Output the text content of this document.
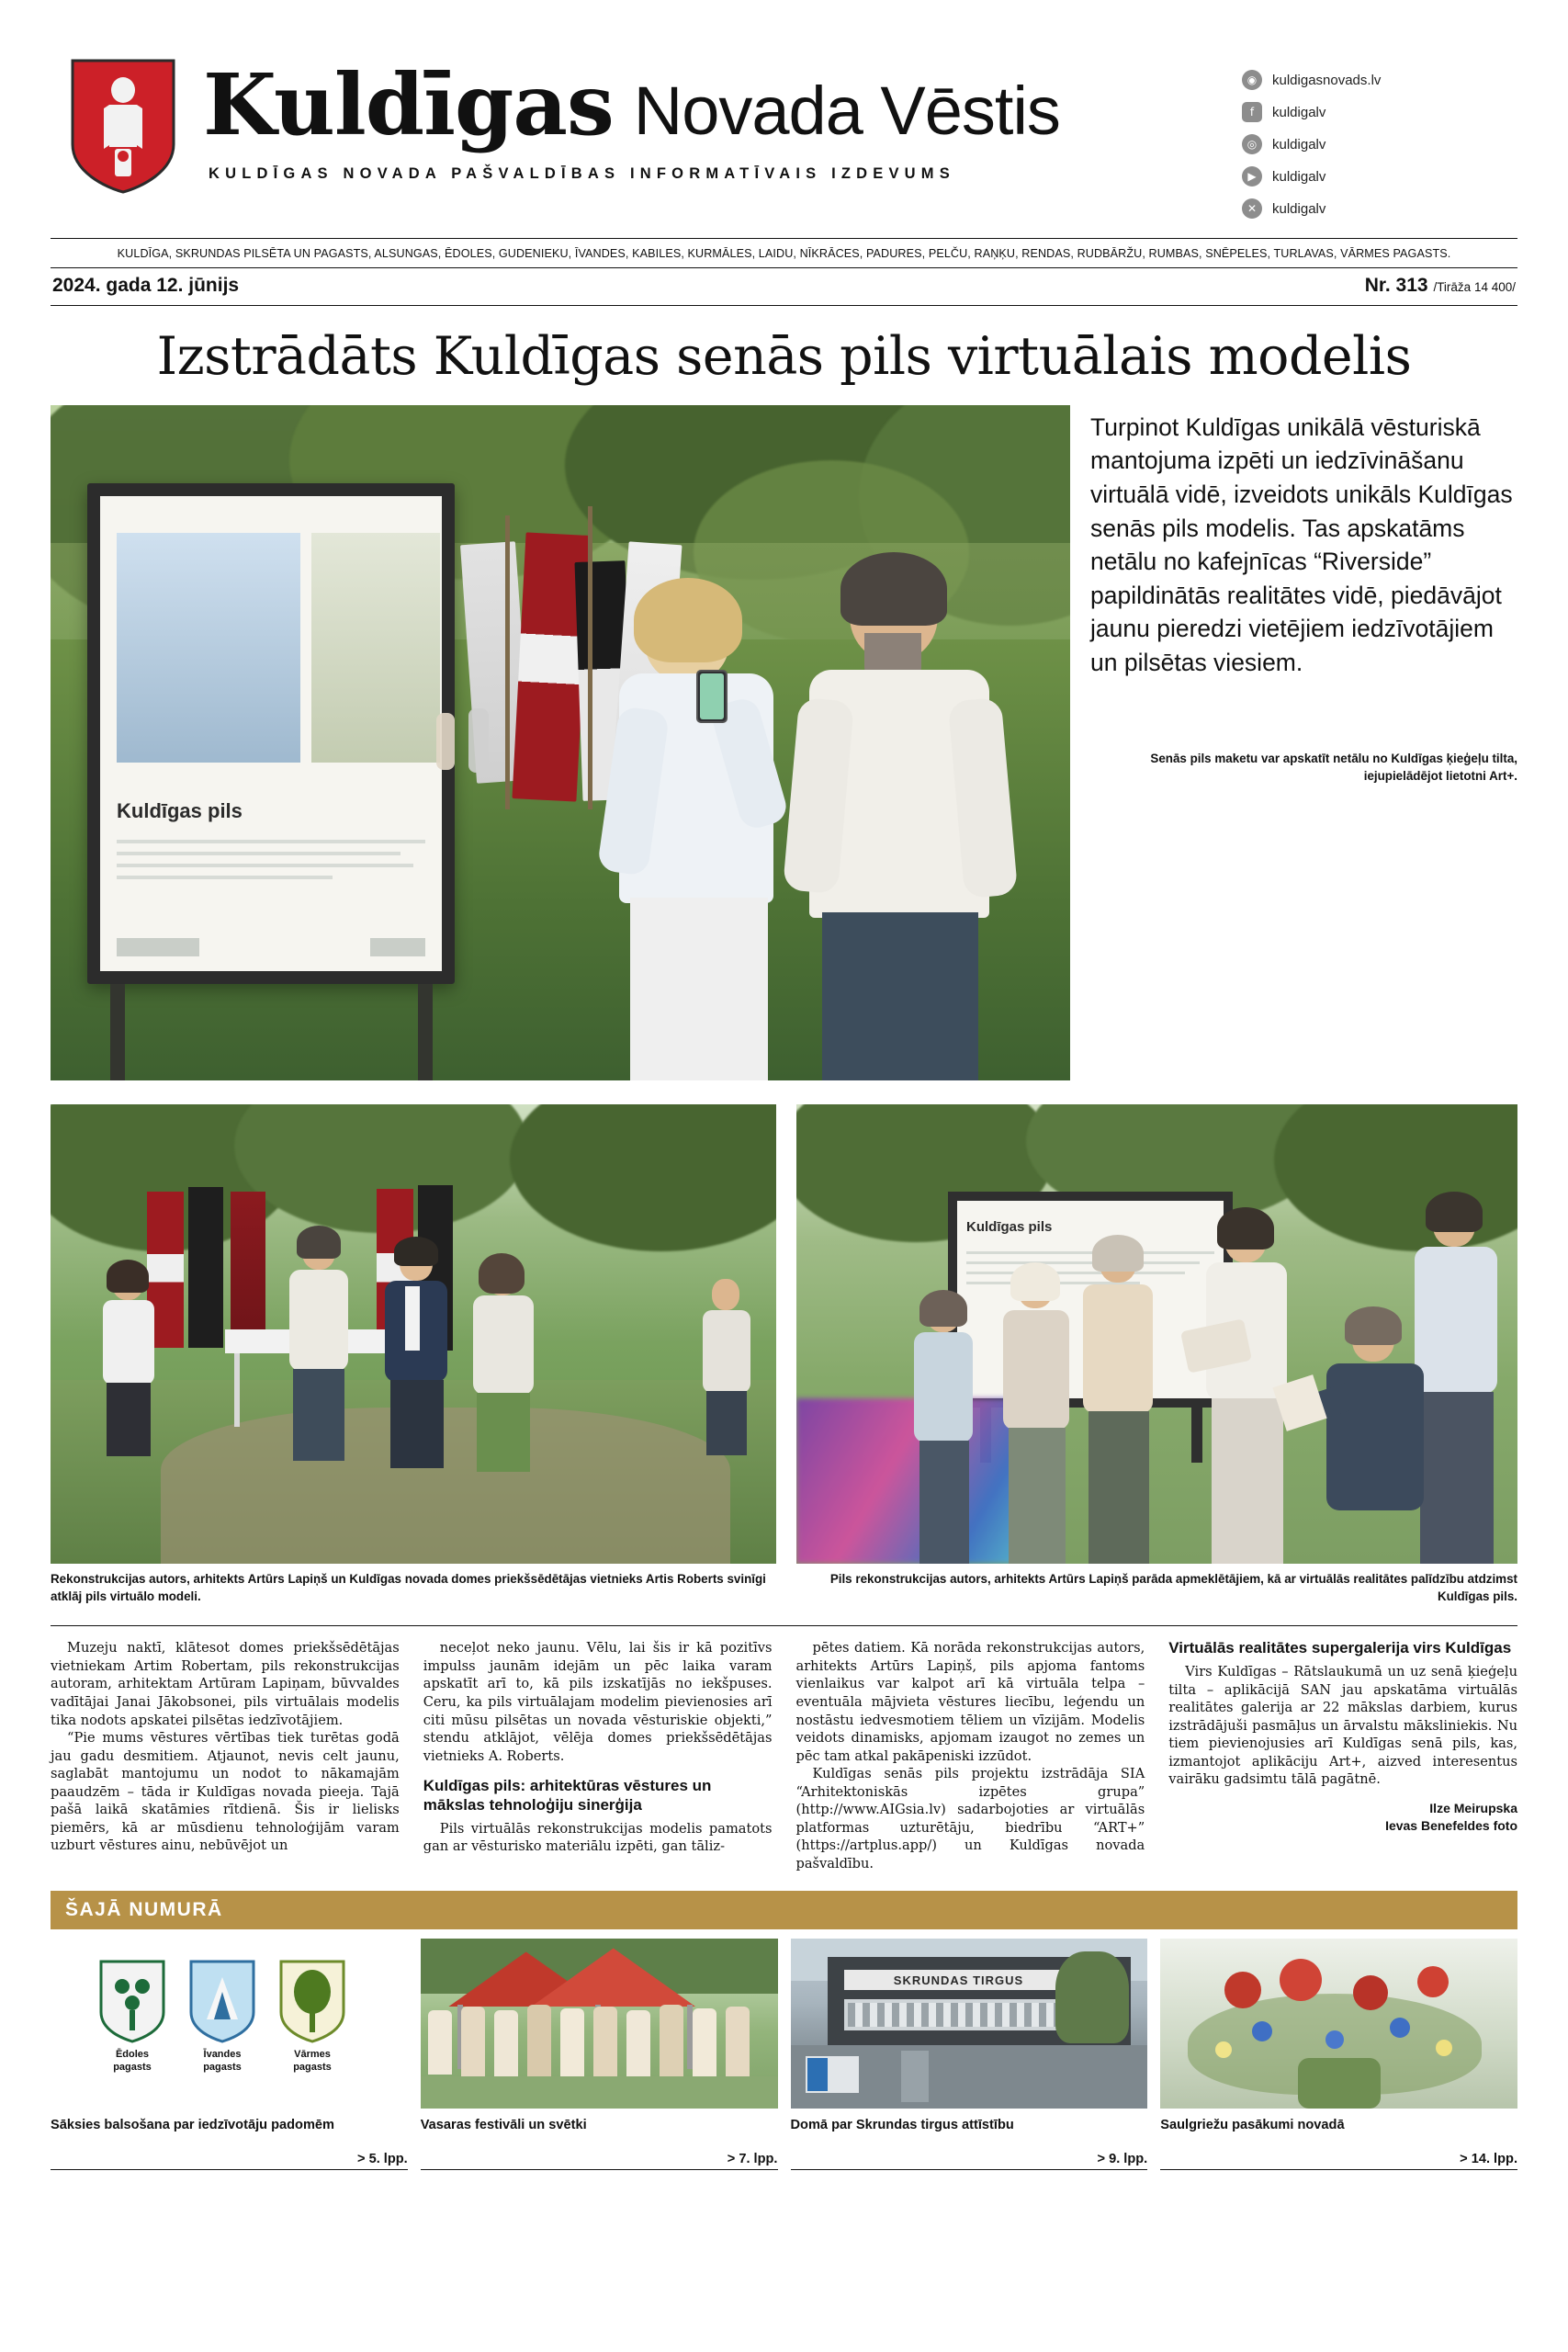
Kuldīgas Novada Vēstis
KULDĪGAS NOVADA PAŠVALDĪBAS INFORMATĪVAIS IZDEVUMS
◉	kuldigasnovads.lv
f	kuldigalv
◎	kuldigalv
▶	kuldigalv
✕	kuldigalv
KULDĪGA, SKRUNDAS PILSĒTA UN PAGASTS, ALSUNGAS, ĒDOLES, GUDENIEKU, ĪVANDES, KABILES, KURMĀLES, LAIDU, NĪKRĀCES, PADURES, PELČU, RAŅĶU, RENDAS, RUDBĀRŽU, RUMBAS, SNĒPELES, TURLAVAS, VĀRMES PAGASTS.
2024. gada 12. jūnijs	Nr. 313 /Tirāža 14 400/
Izstrādāts Kuldīgas senās pils virtuālais modelis
Kuldīgas pils
Turpinot Kuldīgas unikālā vēsturiskā mantojuma izpēti un iedzīvināšanu virtuālā vidē, izveidots unikāls Kuldīgas senās pils modelis. Tas apskatāms netālu no kafejnīcas “Riverside” papildinātās realitātes vidē, piedāvājot jaunu pieredzi vietējiem iedzīvotājiem un pilsētas viesiem.
Senās pils maketu var apskatīt netālu no Kuldīgas ķieģeļu tilta, iejupielādējot lietotni Art+.
Rekonstrukcijas autors, arhitekts Artūrs Lapiņš un Kuldīgas novada domes priekšsēdētājas vietnieks Artis Roberts svinīgi atklāj pils virtuālo modeli.
Kuldīgas pils
Pils rekonstrukcijas autors, arhitekts Artūrs Lapiņš parāda apmeklētājiem, kā ar virtuālās realitātes palīdzību atdzimst Kuldīgas pils.

Muzeju naktī, klātesot domes priekšsēdētājas vietniekam Artim Robertam, pils rekonstrukcijas autoram, arhitektam Artūram Lapiņam, būvvaldes vadītājai Janai Jākobsonei, pils virtuālais modelis tika nodots apskatei pilsētas iedzīvotājiem.

“Pie mums vēstures vērtības tiek turētas godā jau gadu desmitiem. Atjaunot, nevis celt jaunu, saglabāt mantojumu un nodot to nākamajām paaudzēm – tāda ir Kuldīgas novada pieeja. Tajā pašā laikā skatāmies rītdienā. Šis ir lielisks piemērs, kā ar mūsdienu tehnoloģijām varam uzburt vēstures ainu, nebūvējot un

neceļot neko jaunu. Vēlu, lai šis ir kā pozitīvs impulss jaunām idejām un pēc laika varam apskatīt arī to, kā pils izskatījās no iekšpuses. Ceru, ka pils virtuālajam modelim pievienosies arī citi mūsu pilsētas un novada vēsturiskie objekti,” stendu atklājot, vēlēja domes priekšsēdētājas vietnieks A. Roberts.

Kuldīgas pils: arhitektūras vēstures un mākslas tehnoloģiju sinerģija

Pils virtuālās rekonstrukcijas modelis pamatots gan ar vēsturisko materiālu izpēti, gan tāliz-

pētes datiem. Kā norāda rekonstrukcijas autors, arhitekts Artūrs Lapiņš, pils apjoma fantoms vienlaikus var kalpot arī kā virtuāla telpa – eventuāla mājvieta vēstures liecību, leģendu un nostāstu iedvesmotiem tēliem un vīzijām. Modelis veidots dinamisks, apjomam izaugot no zemes un pēc tam atkal pakāpeniski izzūdot.

Kuldīgas senās pils projektu izstrādāja SIA “Arhitektoniskās izpētes grupa” (http://www.AIGsia.lv) sadarbojoties ar virtuālās platformas uzturētāju, biedrību “ART+” (https://artplus.app/) un Kuldīgas novada pašvaldību.

Virtuālās realitātes supergalerija virs Kuldīgas

Virs Kuldīgas – Rātslaukumā un uz senā ķieģeļu tilta – aplikācijā SAN jau apskatāma virtuālās realitātes galerija ar 22 mākslas darbiem, kurus izstrādājuši pasmāļus un ārvalstu māksliniekis. Nu tiem pievienojusies arī Kuldīgas senā pils, kas, izmantojot aplikāciju Art+, aizved interesentus vairāku gadsimtu tālā pagātnē.

Ilze Meirupska
Ievas Benefeldes foto
ŠAJĀ NUMURĀ
Ēdoles
pagasts
Īvandes
pagasts
Vārmes
pagasts
Sāksies balsošana par iedzīvotāju padomēm
> 5. lpp.
Vasaras festivāli un svētki
> 7. lpp.
SKRUNDAS TIRGUS
Domā par Skrundas tirgus attīstību
> 9. lpp.
Saulgriežu pasākumi novadā
> 14. lpp.
